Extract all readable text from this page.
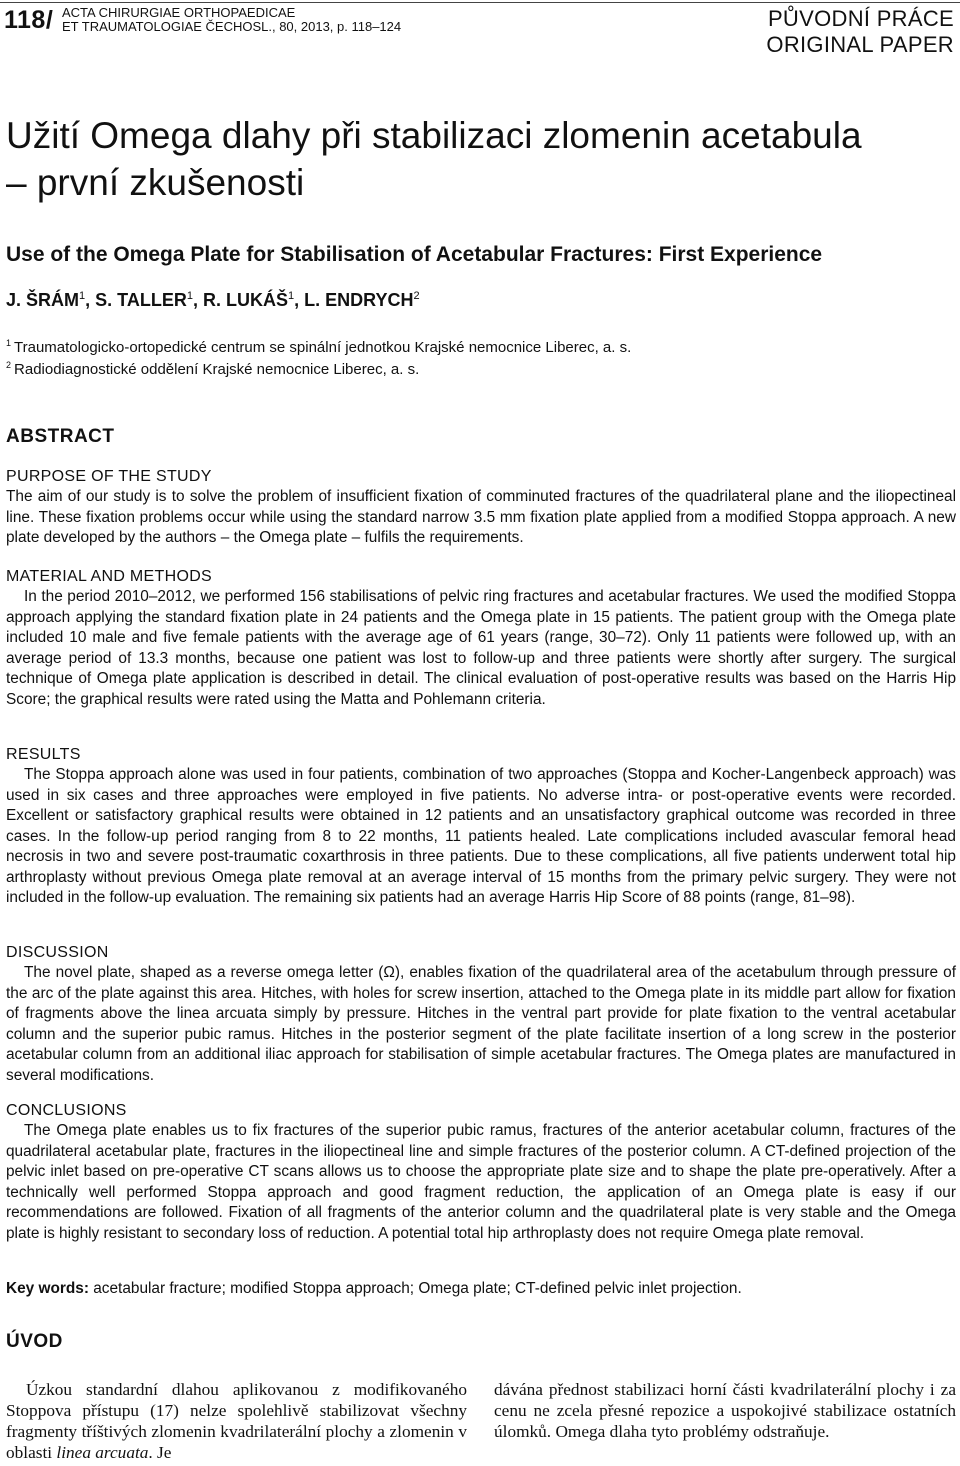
118/ ACTA CHIRURGIAE ORTHOPAEDICAE
ET TRAUMATOLOGIAE ČECHOSL., 80, 2013, p. 118–124	PŮVODNÍ PRÁCE
ORIGINAL PAPER
Užití Omega dlahy při stabilizaci zlomenin acetabula
– první zkušenosti
Use of the Omega Plate for Stabilisation of Acetabular Fractures: First Experience
J. ŠRÁM$^1$, S. TALLER$^1$, R. LUKÁŠ$^1$, L. ENDRYCH$^2$
$^1$ Traumatologicko-ortopedické centrum se spinální jednotkou Krajské nemocnice Liberec, a. s.
$^2$ Radiodiagnostické oddělení Krajské nemocnice Liberec, a. s.
ABSTRACT

PURPOSE OF THE STUDY

The aim of our study is to solve the problem of insufficient fixation of comminuted fractures of the quadrilateral plane and the iliopectineal line. These fixation problems occur while using the standard narrow 3.5 mm fixation plate applied from a modified Stoppa approach. A new plate developed by the authors – the Omega plate – fulfils the requirements.

MATERIAL AND METHODS

In the period 2010–2012, we performed 156 stabilisations of pelvic ring fractures and acetabular fractures. We used the modified Stoppa approach applying the standard fixation plate in 24 patients and the Omega plate in 15 patients. The patient group with the Omega plate included 10 male and five female patients with the average age of 61 years (range, 30–72). Only 11 patients were followed up, with an average period of 13.3 months, because one patient was lost to follow-up and three patients were shortly after surgery. The surgical technique of Omega plate application is described in detail. The clinical evaluation of post-operative results was based on the Harris Hip Score; the graphical results were rated using the Matta and Pohlemann criteria.

RESULTS

The Stoppa approach alone was used in four patients, combination of two approaches (Stoppa and Kocher-Langenbeck approach) was used in six cases and three approaches were employed in five patients. No adverse intra- or post-operative events were recorded. Excellent or satisfactory graphical results were obtained in 12 patients and an unsatisfactory graphical outcome was recorded in three cases. In the follow-up period ranging from 8 to 22 months, 11 patients healed. Late complications included avascular femoral head necrosis in two and severe post-traumatic coxarthrosis in three patients. Due to these complications, all five patients underwent total hip arthroplasty without previous Omega plate removal at an average interval of 15 months from the primary pelvic surgery. They were not included in the follow-up evaluation. The remaining six patients had an average Harris Hip Score of 88 points (range, 81–98).

DISCUSSION

The novel plate, shaped as a reverse omega letter (Ω), enables fixation of the quadrilateral area of the acetabulum through pressure of the arc of the plate against this area. Hitches, with holes for screw insertion, attached to the Omega plate in its middle part allow for fixation of fragments above the linea arcuata simply by pressure. Hitches in the ventral part provide for plate fixation to the ventral acetabular column and the superior pubic ramus. Hitches in the posterior segment of the plate facilitate insertion of a long screw in the posterior acetabular column from an additional iliac approach for stabilisation of simple acetabular fractures. The Omega plates are manufactured in several modifications.

CONCLUSIONS

The Omega plate enables us to fix fractures of the superior pubic ramus, fractures of the anterior acetabular column, fractures of the quadrilateral acetabular plate, fractures in the iliopectineal line and simple fractures of the posterior column. A CT-defined projection of the pelvic inlet based on pre-operative CT scans allows us to choose the appropriate plate size and to shape the plate pre-operatively. After a technically well performed Stoppa approach and good fragment reduction, the application of an Omega plate is easy if our recommendations are followed. Fixation of all fragments of the anterior column and the quadrilateral plate is very stable and the Omega plate is highly resistant to secondary loss of reduction. A potential total hip arthroplasty does not require Omega plate removal.

Key words: acetabular fracture; modified Stoppa approach; Omega plate; CT-defined pelvic inlet projection.
ÚVOD

Úzkou standardní dlahou aplikovanou z modifikovaného Stoppova přístupu (17) nelze spolehlivě stabilizovat všechny fragmenty tříštivých zlomenin kvadrilaterální plochy a zlomenin v oblasti linea arcuata. Je

dávána přednost stabilizaci horní části kvadrilaterální plochy i za cenu ne zcela přesné repozice a uspokojivé stabilizace ostatních úlomků. Omega dlaha tyto problémy odstraňuje.
